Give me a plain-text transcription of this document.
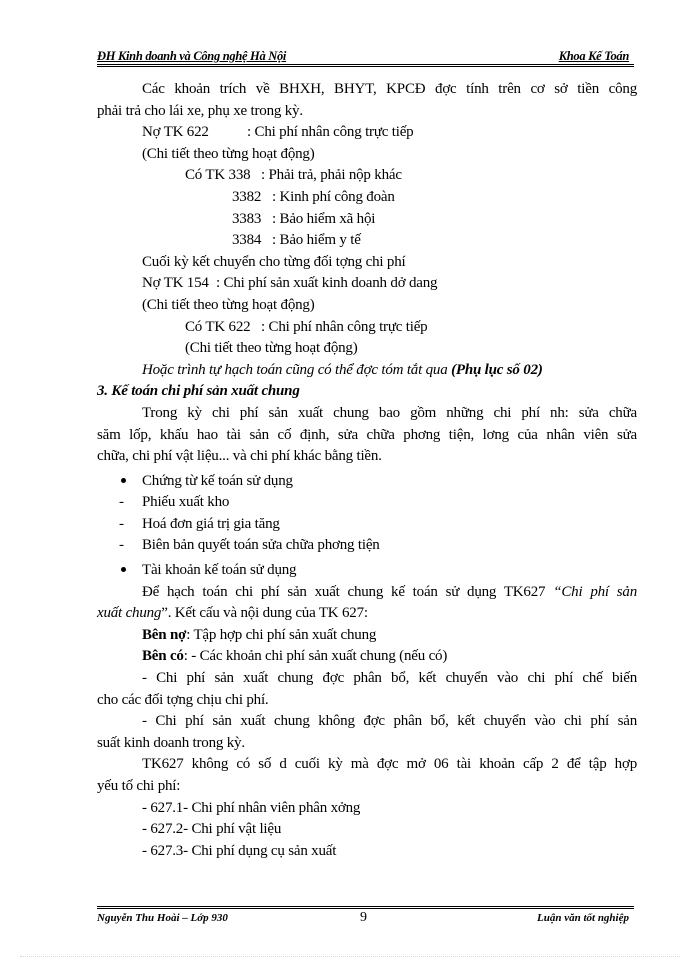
ĐH Kinh doanh và Công nghệ Hà Nội	Khoa Kế Toán
Các khoản trích về BHXH, BHYT, KPCĐ đợc tính trên cơ sở tiền công
phải trả cho lái xe, phụ xe trong kỳ.
Nợ TK 622	: Chi phí nhân công trực tiếp
(Chi tiết theo từng hoạt động)
Có TK 338 : Phải trả, phải nộp khác
3382 : Kinh phí công đoàn
3383 : Bảo hiểm xã hội
3384 : Bảo hiểm y tế
Cuối kỳ kết chuyển cho từng đối tợng chi phí
Nợ TK 154 : Chi phí sản xuất kinh doanh dở dang
(Chi tiết theo từng hoạt động)
Có TK 622 : Chi phí nhân công trực tiếp
(Chi tiết theo từng hoạt động)
Hoặc trình tự hạch toán cũng có thể đợc tóm tắt qua (Phụ lục số 02)
3. Kế toán chi phí sản xuất chung
Trong kỳ chi phí sản xuất chung bao gồm những chi phí nh: sửa chữa
săm lốp, khấu hao tài sản cố định, sửa chữa phơng tiện, lơng của nhân viên sửa
chữa, chi phí vật liệu... và chi phí khác bằng tiền.
Chứng từ kế toán sử dụng
- Phiếu xuất kho
- Hoá đơn giá trị gia tăng
- Biên bản quyết toán sửa chữa phơng tiện
Tài khoản kế toán sử dụng
Để hạch toán chi phí sản xuất chung kế toán sử dụng TK627 “Chi phí sản
xuất chung”. Kết cấu và nội dung của TK 627:
Bên nợ: Tập hợp chi phí sản xuất chung
Bên có: - Các khoản chi phí sản xuất chung (nếu có)
- Chi phí sản xuất chung đợc phân bổ, kết chuyển vào chi phí chế biến
cho các đối tợng chịu chi phí.
- Chi phí sản xuất chung không đợc phân bổ, kết chuyển vào chi phí sản
suất kinh doanh trong kỳ.
TK627 không có số d cuối kỳ mà đợc mở 06 tài khoản cấp 2 để tập hợp
yếu tố chi phí:
- 627.1- Chi phí nhân viên phân xởng
- 627.2- Chi phí vật liệu
- 627.3- Chi phí dụng cụ sản xuất
Nguyễn Thu Hoài – Lớp 930	9	Luận văn tốt nghiệp
